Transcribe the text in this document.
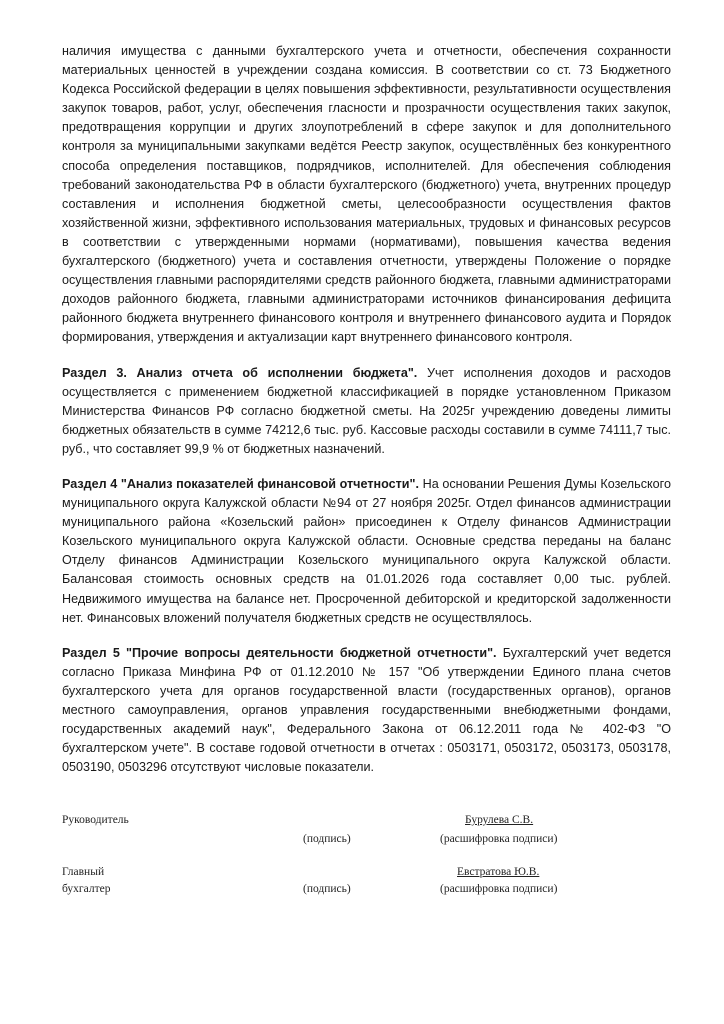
наличия имущества с данными бухгалтерского учета и отчетности, обеспечения сохранности материальных ценностей в учреждении создана комиссия. В соответствии со ст. 73 Бюджетного Кодекса Российской федерации в целях повышения эффективности, результативности осуществления закупок товаров, работ, услуг, обеспечения гласности и прозрачности осуществления таких закупок, предотвращения коррупции и других злоупотреблений в сфере закупок и для дополнительного контроля за муниципальными закупками ведётся Реестр закупок, осуществлённых без конкурентного способа определения поставщиков, подрядчиков, исполнителей. Для обеспечения соблюдения требований законодательства РФ в области бухгалтерского (бюджетного) учета, внутренних процедур составления и исполнения бюджетной сметы, целесообразности осуществления фактов хозяйственной жизни, эффективного использования материальных, трудовых и финансовых ресурсов в соответствии с утвержденными нормами (нормативами), повышения качества ведения бухгалтерского (бюджетного) учета и составления отчетности, утверждены Положение о порядке осуществления главными распорядителями средств районного бюджета, главными администраторами доходов районного бюджета, главными администраторами источников финансирования дефицита районного бюджета внутреннего финансового контроля и внутреннего финансового аудита и Порядок формирования, утверждения и актуализации карт внутреннего финансового контроля.

Раздел 3. Анализ отчета об исполнении бюджета". Учет исполнения доходов и расходов осуществляется с применением бюджетной классификацией в порядке установленном Приказом Министерства Финансов РФ согласно бюджетной сметы. На 2025г учреждению доведены лимиты бюджетных обязательств в сумме 74212,6 тыс. руб. Кассовые расходы составили в сумме 74111,7 тыс. руб., что составляет 99,9 % от бюджетных назначений.

Раздел 4 "Анализ показателей финансовой отчетности". На основании Решения Думы Козельского муниципального округа Калужской области №94 от 27 ноября 2025г. Отдел финансов администрации муниципального района «Козельский район» присоединен к Отделу финансов Администрации Козельского муниципального округа Калужской области. Основные средства переданы на баланс Отделу финансов Администрации Козельского муниципального округа Калужской области. Балансовая стоимость основных средств на 01.01.2026 года составляет 0,00 тыс. рублей. Недвижимого имущества на балансе нет. Просроченной дебиторской и кредиторской задолженности нет. Финансовых вложений получателя бюджетных средств не осуществлялось.

Раздел 5 "Прочие вопросы деятельности бюджетной отчетности". Бухгалтерский учет ведется согласно Приказа Минфина РФ от 01.12.2010 № 157 "Об утверждении Единого плана счетов бухгалтерского учета для органов государственной власти (государственных органов), органов местного самоуправления, органов управления государственными внебюджетными фондами, государственных академий наук", Федерального Закона от 06.12.2011 года № 402-ФЗ "О бухгалтерском учете". В составе годовой отчетности в отчетах : 0503171, 0503172, 0503173, 0503178, 0503190, 0503296 отсутствуют числовые показатели.

Руководитель
(подпись)
Бурулева С.В.
(расшифровка подписи)
Главный
бухгалтер	(подпись)
Евстратова Ю.В.
(расшифровка подписи)
